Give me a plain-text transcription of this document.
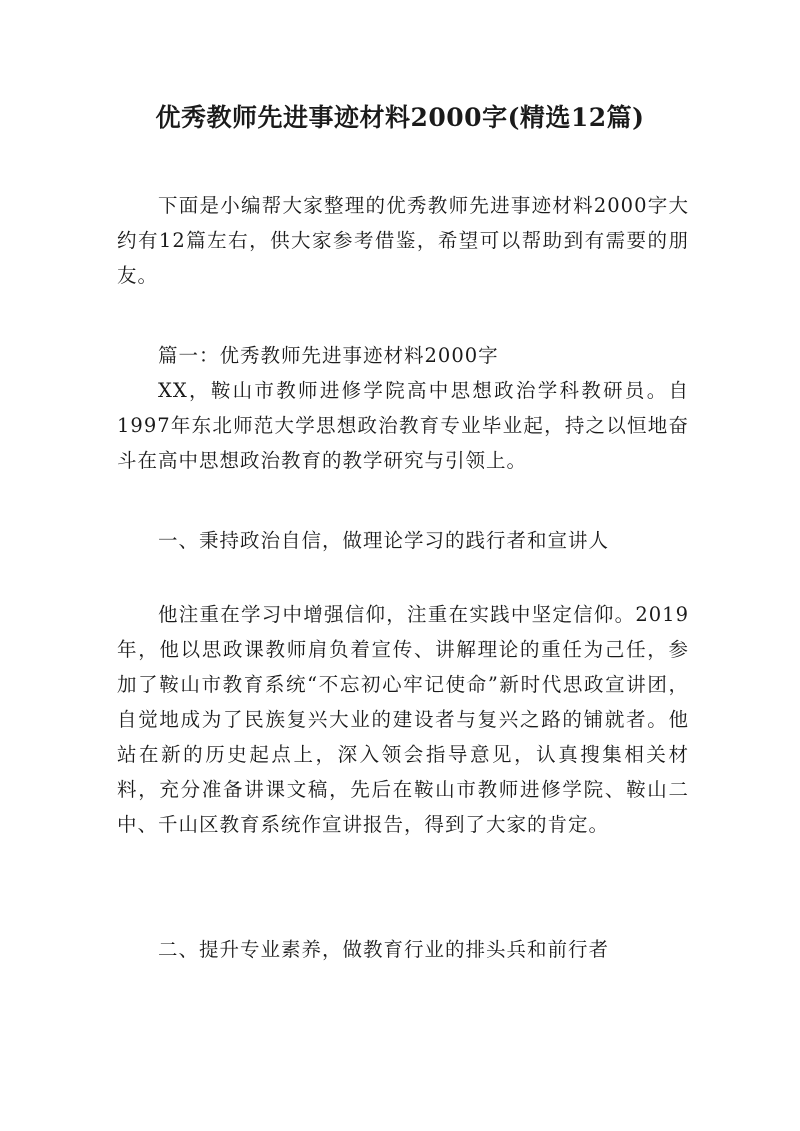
优秀教师先进事迹材料2000字(精选12篇)

下面是小编帮大家整理的优秀教师先进事迹材料2000字大约有12篇左右，供大家参考借鉴，希望可以帮助到有需要的朋友。

篇一：优秀教师先进事迹材料2000字

XX，鞍山市教师进修学院高中思想政治学科教研员。自1997年东北师范大学思想政治教育专业毕业起，持之以恒地奋斗在高中思想政治教育的教学研究与引领上。

一、秉持政治自信，做理论学习的践行者和宣讲人

他注重在学习中增强信仰，注重在实践中坚定信仰。2019年，他以思政课教师肩负着宣传、讲解理论的重任为己任，参加了鞍山市教育系统“不忘初心牢记使命”新时代思政宣讲团，自觉地成为了民族复兴大业的建设者与复兴之路的铺就者。他站在新的历史起点上，深入领会指导意见，认真搜集相关材料，充分准备讲课文稿，先后在鞍山市教师进修学院、鞍山二中、千山区教育系统作宣讲报告，得到了大家的肯定。

二、提升专业素养，做教育行业的排头兵和前行者
